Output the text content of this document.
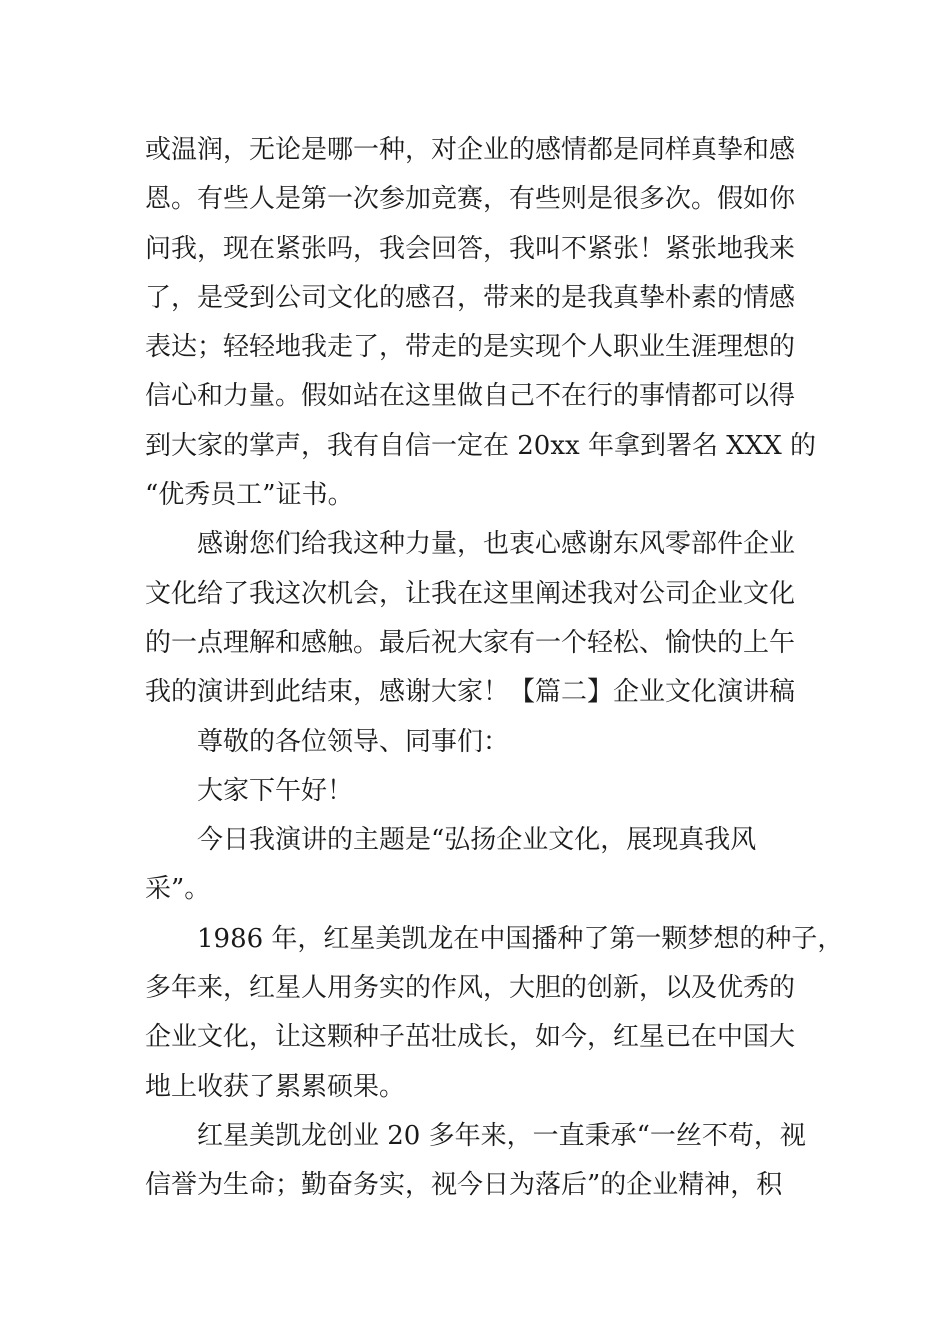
或温润，无论是哪一种，对企业的感情都是同样真挚和感
恩。有些人是第一次参加竞赛，有些则是很多次。假如你
问我，现在紧张吗，我会回答，我叫不紧张！紧张地我来
了，是受到公司文化的感召，带来的是我真挚朴素的情感
表达；轻轻地我走了，带走的是实现个人职业生涯理想的
信心和力量。假如站在这里做自己不在行的事情都可以得
到大家的掌声，我有自信一定在 20xx 年拿到署名 XXX 的
“优秀员工”证书。
感谢您们给我这种力量，也衷心感谢东风零部件企业
文化给了我这次机会，让我在这里阐述我对公司企业文化
的一点理解和感触。最后祝大家有一个轻松、愉快的上午
我的演讲到此结束，感谢大家！【篇二】企业文化演讲稿
尊敬的各位领导、同事们：
大家下午好！
今日我演讲的主题是“弘扬企业文化，展现真我风
采”。
1986 年，红星美凯龙在中国播种了第一颗梦想的种子，
多年来，红星人用务实的作风，大胆的创新，以及优秀的
企业文化，让这颗种子茁壮成长，如今，红星已在中国大
地上收获了累累硕果。
红星美凯龙创业 20 多年来，一直秉承“一丝不苟，视
信誉为生命；勤奋务实，视今日为落后”的企业精神，积
